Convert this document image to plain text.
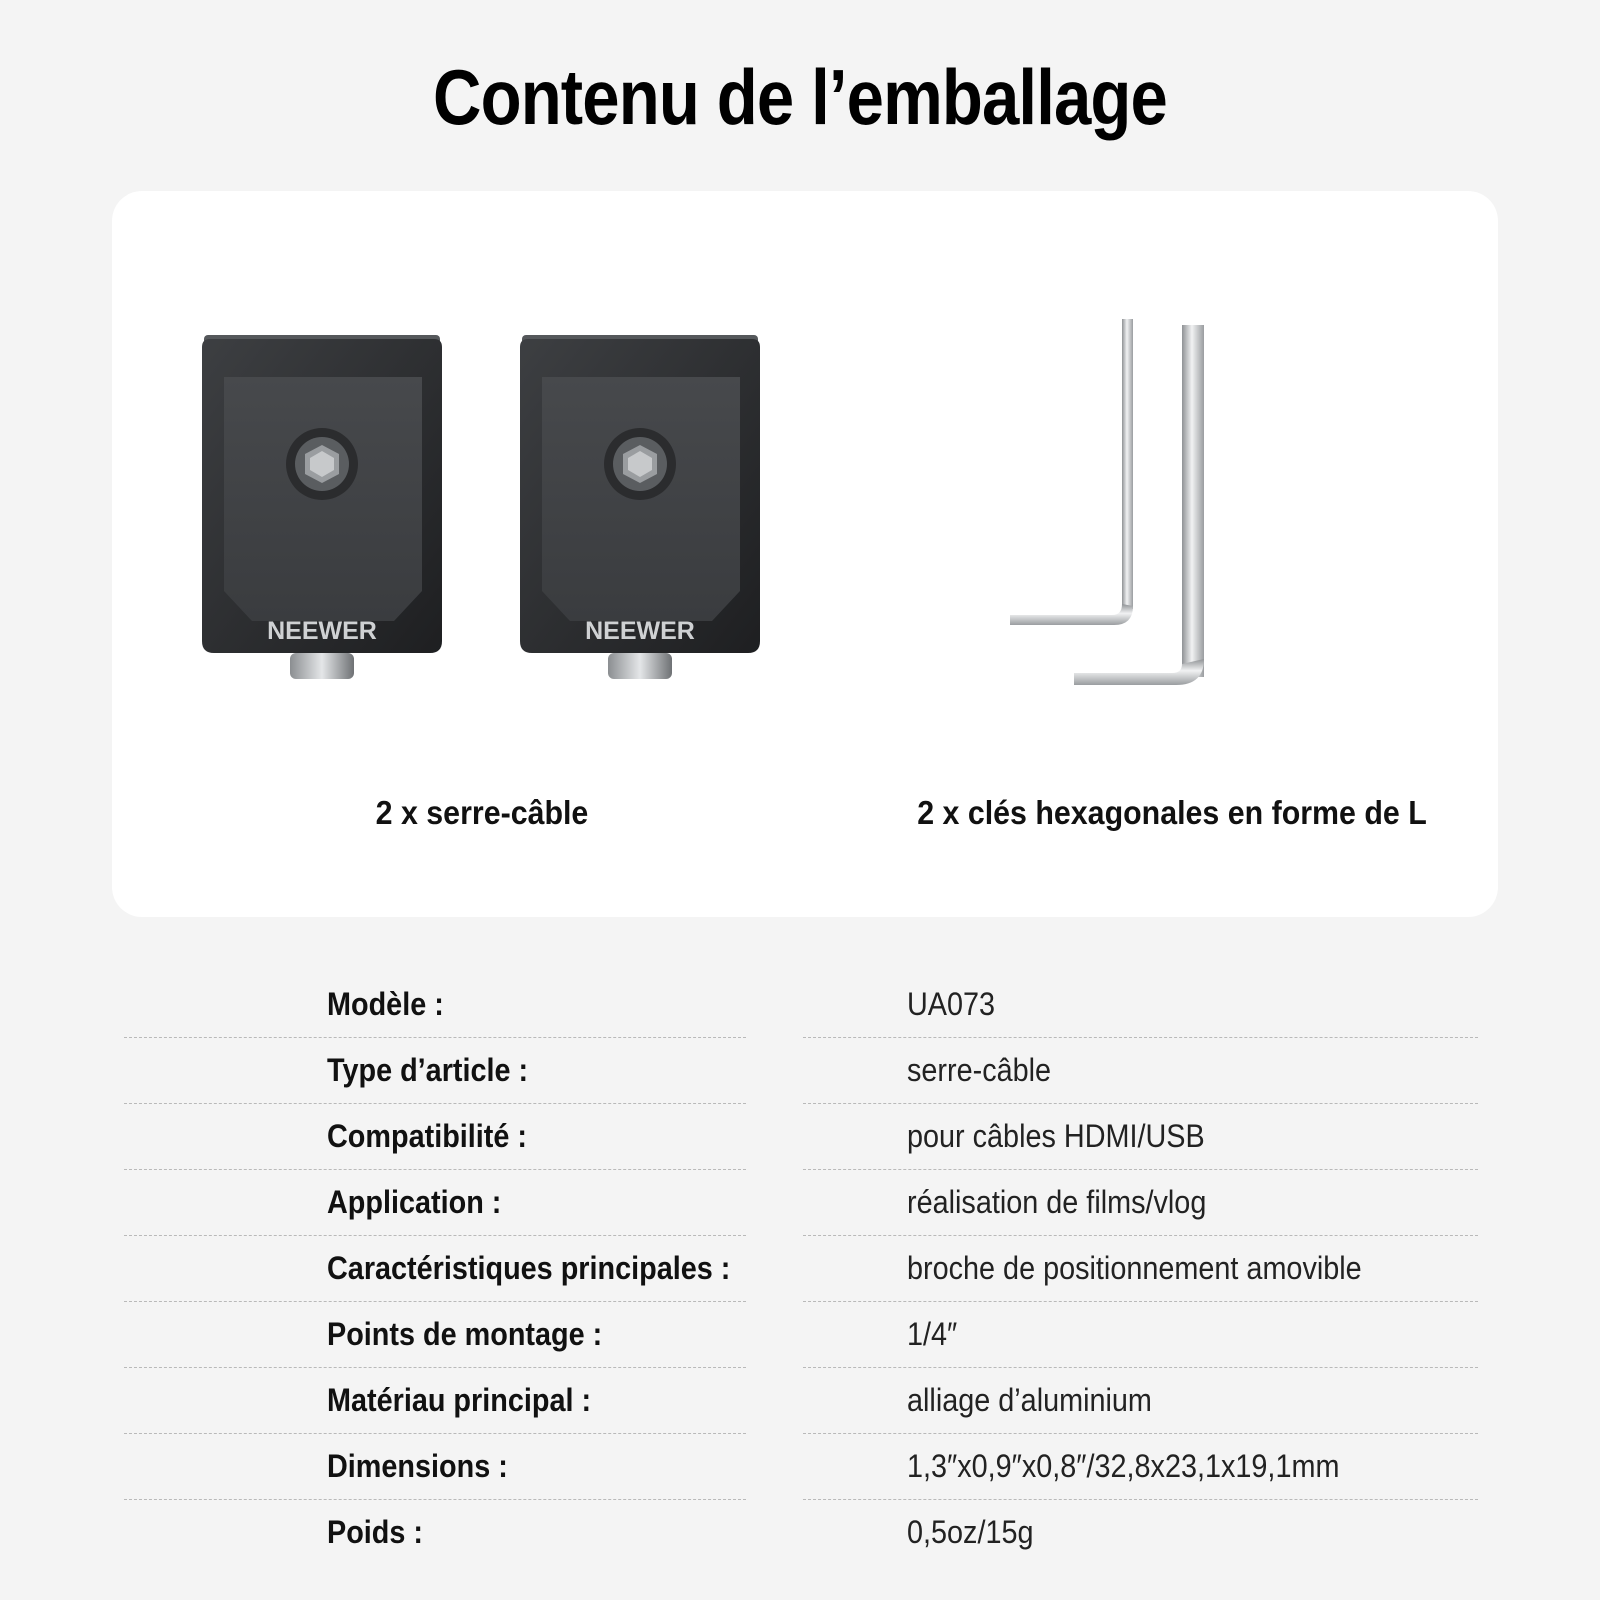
Contenu de l’emballage
NEEWER	NEEWER
2 x serre-câble	2 x clés hexagonales en forme de L
Modèle :	UA073
Type d’article :	serre-câble
Compatibilité :	pour câbles HDMI/USB
Application :	réalisation de films/vlog
Caractéristiques principales :	broche de positionnement amovible
Points de montage :	1/4″
Matériau principal :	alliage d’aluminium
Dimensions :	1,3″x0,9″x0,8″/32,8x23,1x19,1mm
Poids :	0,5oz/15g
